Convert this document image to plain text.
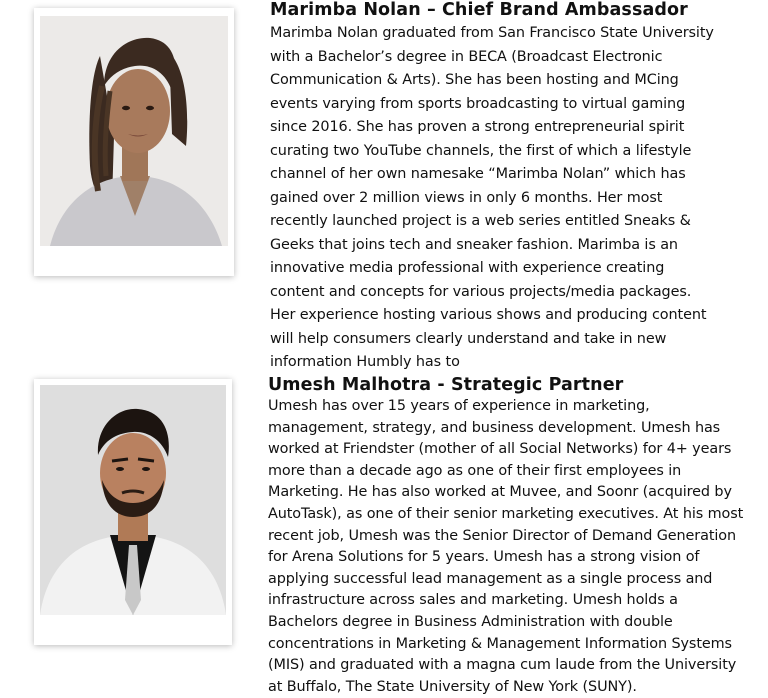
Marimba Nolan – Chief Brand Ambassador

Marimba Nolan graduated from San Francisco State University with a Bachelor’s degree in BECA (Broadcast Electronic Communication & Arts). She has been hosting and MCing events varying from sports broadcasting to virtual gaming since 2016. She has proven a strong entrepreneurial spirit curating two YouTube channels, the first of which a lifestyle channel of her own namesake “Marimba Nolan” which has gained over 2 million views in only 6 months. Her most recently launched project is a web series entitled Sneaks & Geeks that joins tech and sneaker fashion. Marimba is an innovative media professional with experience creating content and concepts for various projects/media packages. Her experience hosting various shows and producing content will help consumers clearly understand and take in new information Humbly has to

Umesh Malhotra - Strategic Partner

Umesh has over 15 years of experience in marketing, management, strategy, and business development. Umesh has worked at Friendster (mother of all Social Networks) for 4+ years more than a decade ago as one of their first employees in Marketing. He has also worked at Muvee, and Soonr (acquired by AutoTask), as one of their senior marketing executives. At his most recent job, Umesh was the Senior Director of Demand Generation for Arena Solutions for 5 years. Umesh has a strong vision of applying successful lead management as a single process and infrastructure across sales and marketing. Umesh holds a Bachelors degree in Business Administration with double concentrations in Marketing & Management Information Systems (MIS) and graduated with a magna cum laude from the University at Buffalo, The State University of New York (SUNY).
